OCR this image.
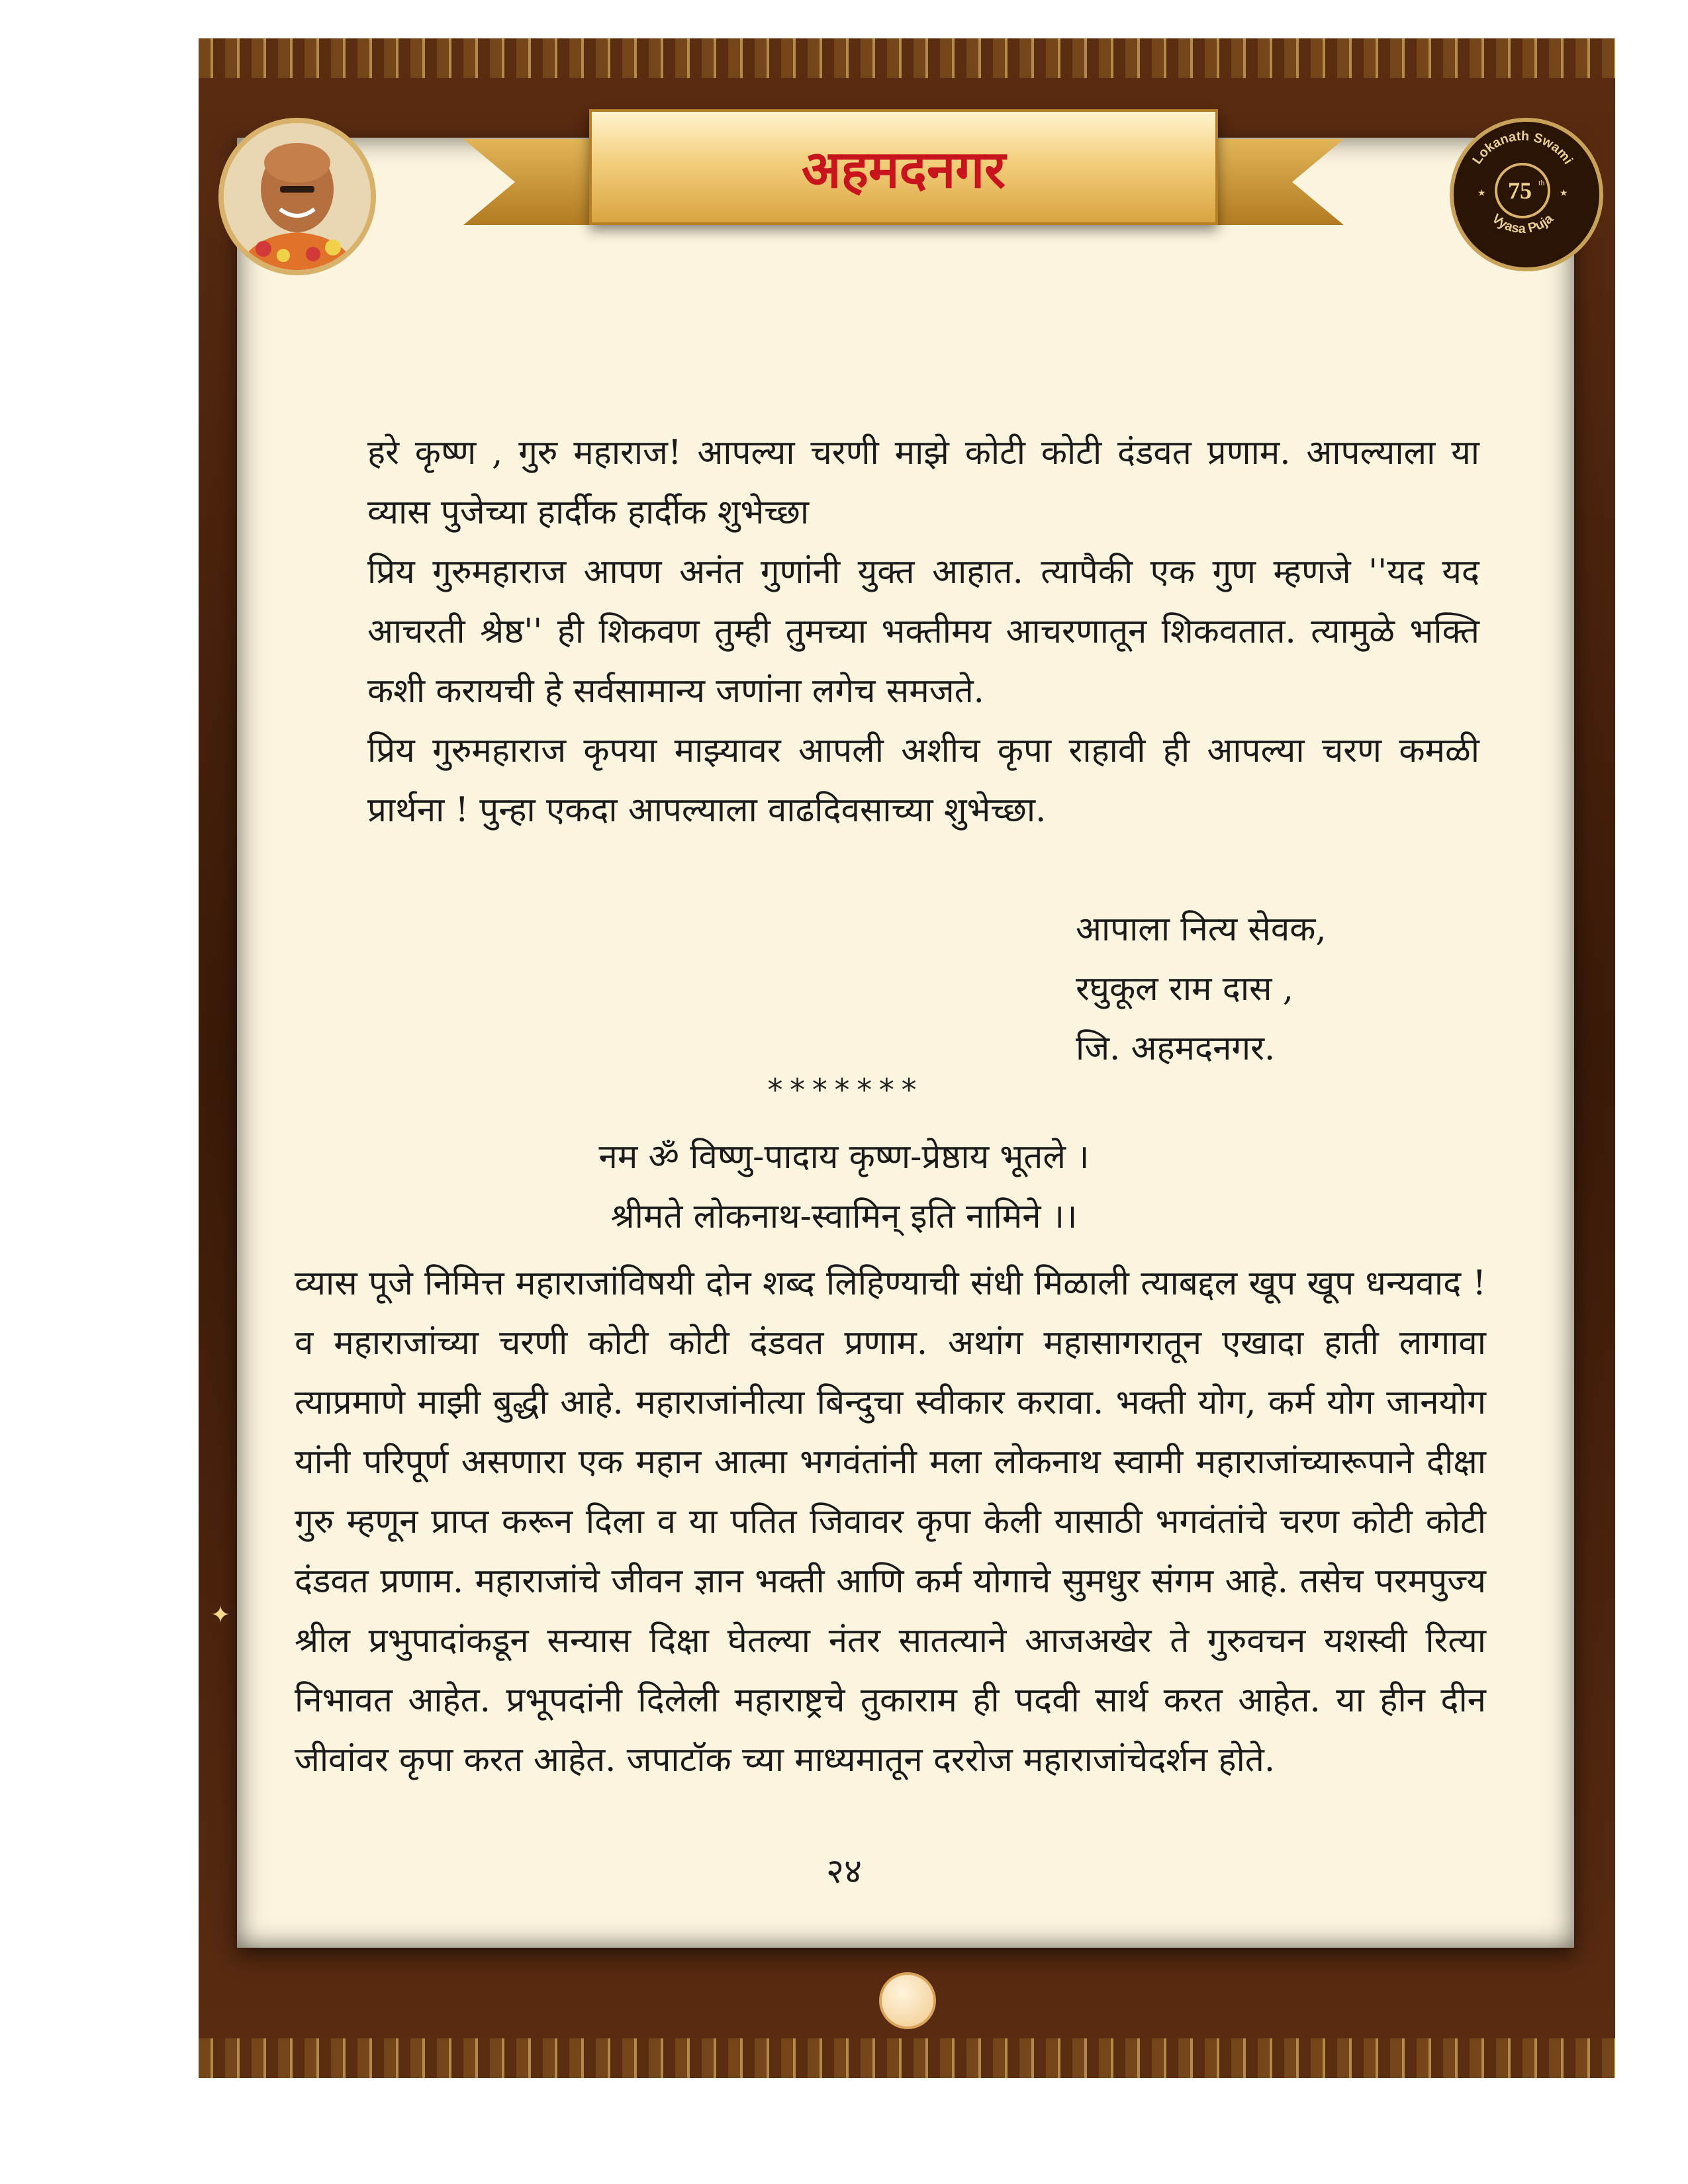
✦
अहमदनगर	Lokanath Swami
Vyasa Puja
75 th
★	★

हरे कृष्ण , गुरु महाराज! आपल्या चरणी माझे कोटी कोटी दंडवत प्रणाम. आपल्याला या व्यास पुजेच्या हार्दीक हार्दीक शुभेच्छा

प्रिय गुरुमहाराज आपण अनंत गुणांनी युक्त आहात. त्यापैकी एक गुण म्हणजे ''यद यद आचरती श्रेष्ठ'' ही शिकवण तुम्ही तुमच्या भक्तीमय आचरणातून शिकवतात. त्यामुळे भक्ति कशी करायची हे सर्वसामान्य जणांना लगेच समजते.

प्रिय गुरुमहाराज कृपया माझ्यावर आपली अशीच कृपा राहावी ही आपल्या चरण कमळी प्रार्थना ! पुन्हा एकदा आपल्याला वाढदिवसाच्या शुभेच्छा.

आपाला नित्य सेवक,

रघुकूल राम दास ,

जि. अहमदनगर.

*******
नम ॐ विष्णु-पादाय कृष्ण-प्रेष्ठाय भूतले ।
श्रीमते लोकनाथ-स्वामिन् इति नामिने ।।

व्यास पूजे निमित्त महाराजांविषयी दोन शब्द लिहिण्याची संधी मिळाली त्याबद्दल खूप खूप धन्यवाद ! व महाराजांच्या चरणी कोटी कोटी दंडवत प्रणाम. अथांग महासागरातून एखादा हाती लागावा त्याप्रमाणे माझी बुद्धी आहे. महाराजांनीत्या बिन्दुचा स्वीकार करावा. भक्ती योग, कर्म योग जानयोग यांनी परिपूर्ण असणारा एक महान आत्मा भगवंतांनी मला लोकनाथ स्वामी महाराजांच्यारूपाने दीक्षा गुरु म्हणून प्राप्त करून दिला व या पतित जिवावर कृपा केली यासाठी भगवंतांचे चरण कोटी कोटी दंडवत प्रणाम. महाराजांचे जीवन ज्ञान भक्ती आणि कर्म योगाचे सुमधुर संगम आहे. तसेच परमपुज्य श्रील प्रभुपादांकडून सन्यास दिक्षा घेतल्या नंतर सातत्याने आजअखेर ते गुरुवचन यशस्वी रित्या निभावत आहेत. प्रभूपदांनी दिलेली महाराष्ट्रचे तुकाराम ही पदवी सार्थ करत आहेत. या हीन दीन जीवांवर कृपा करत आहेत. जपाटॉक च्या माध्यमातून दररोज महाराजांचेदर्शन होते.

२४
